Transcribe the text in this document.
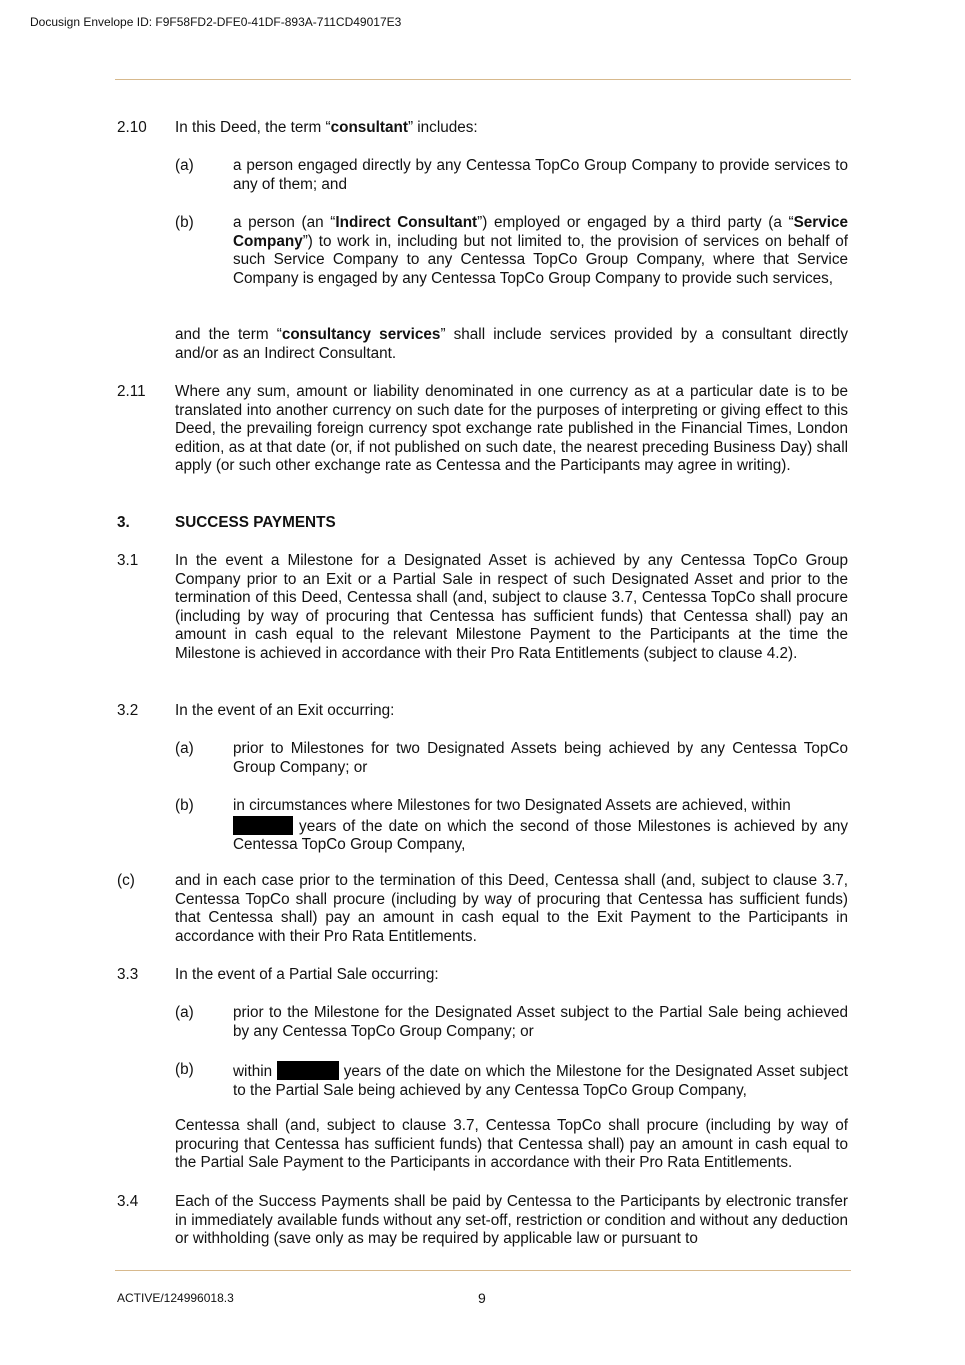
Docusign Envelope ID: F9F58FD2-DFE0-41DF-893A-711CD49017E3
2.10 In this Deed, the term “consultant” includes:
(a)	a person engaged directly by any Centessa TopCo Group Company to provide services to any of them; and
(b)	a person (an “Indirect Consultant”) employed or engaged by a third party (a “Service Company”) to work in, including but not limited to, the provision of services on behalf of such Service Company to any Centessa TopCo Group Company, where that Service Company is engaged by any Centessa TopCo Group Company to provide such services,
and the term “consultancy services” shall include services provided by a consultant directly and/or as an Indirect Consultant.
2.11 Where any sum, amount or liability denominated in one currency as at a particular date is to be translated into another currency on such date for the purposes of interpreting or giving effect to this Deed, the prevailing foreign currency spot exchange rate published in the Financial Times, London edition, as at that date (or, if not published on such date, the nearest preceding Business Day) shall apply (or such other exchange rate as Centessa and the Participants may agree in writing).
3.	SUCCESS PAYMENTS
3.1 In the event a Milestone for a Designated Asset is achieved by any Centessa TopCo Group Company prior to an Exit or a Partial Sale in respect of such Designated Asset and prior to the termination of this Deed, Centessa shall (and, subject to clause 3.7, Centessa TopCo shall procure (including by way of procuring that Centessa has sufficient funds) that Centessa shall) pay an amount in cash equal to the relevant Milestone Payment to the Participants at the time the Milestone is achieved in accordance with their Pro Rata Entitlements (subject to clause 4.2).
3.2 In the event of an Exit occurring:
(a)	prior to Milestones for two Designated Assets being achieved by any Centessa TopCo Group Company; or
(b)	in circumstances where Milestones for two Designated Assets are achieved, within
years of the date on which the second of those Milestones is achieved by any Centessa TopCo Group Company,
(c)	and in each case prior to the termination of this Deed, Centessa shall (and, subject to clause 3.7, Centessa TopCo shall procure (including by way of procuring that Centessa has sufficient funds) that Centessa shall) pay an amount in cash equal to the Exit Payment to the Participants in accordance with their Pro Rata Entitlements.
3.3 In the event of a Partial Sale occurring:
(a)	prior to the Milestone for the Designated Asset subject to the Partial Sale being achieved by any Centessa TopCo Group Company; or
(b)	within	years of the date on which the Milestone for the Designated Asset subject to the Partial Sale being achieved by any Centessa TopCo Group Company,
Centessa shall (and, subject to clause 3.7, Centessa TopCo shall procure (including by way of procuring that Centessa has sufficient funds) that Centessa shall) pay an amount in cash equal to the Partial Sale Payment to the Participants in accordance with their Pro Rata Entitlements.
3.4 Each of the Success Payments shall be paid by Centessa to the Participants by electronic transfer in immediately available funds without any set-off, restriction or condition and without any deduction or withholding (save only as may be required by applicable law or pursuant to
ACTIVE/124996018.3	9
